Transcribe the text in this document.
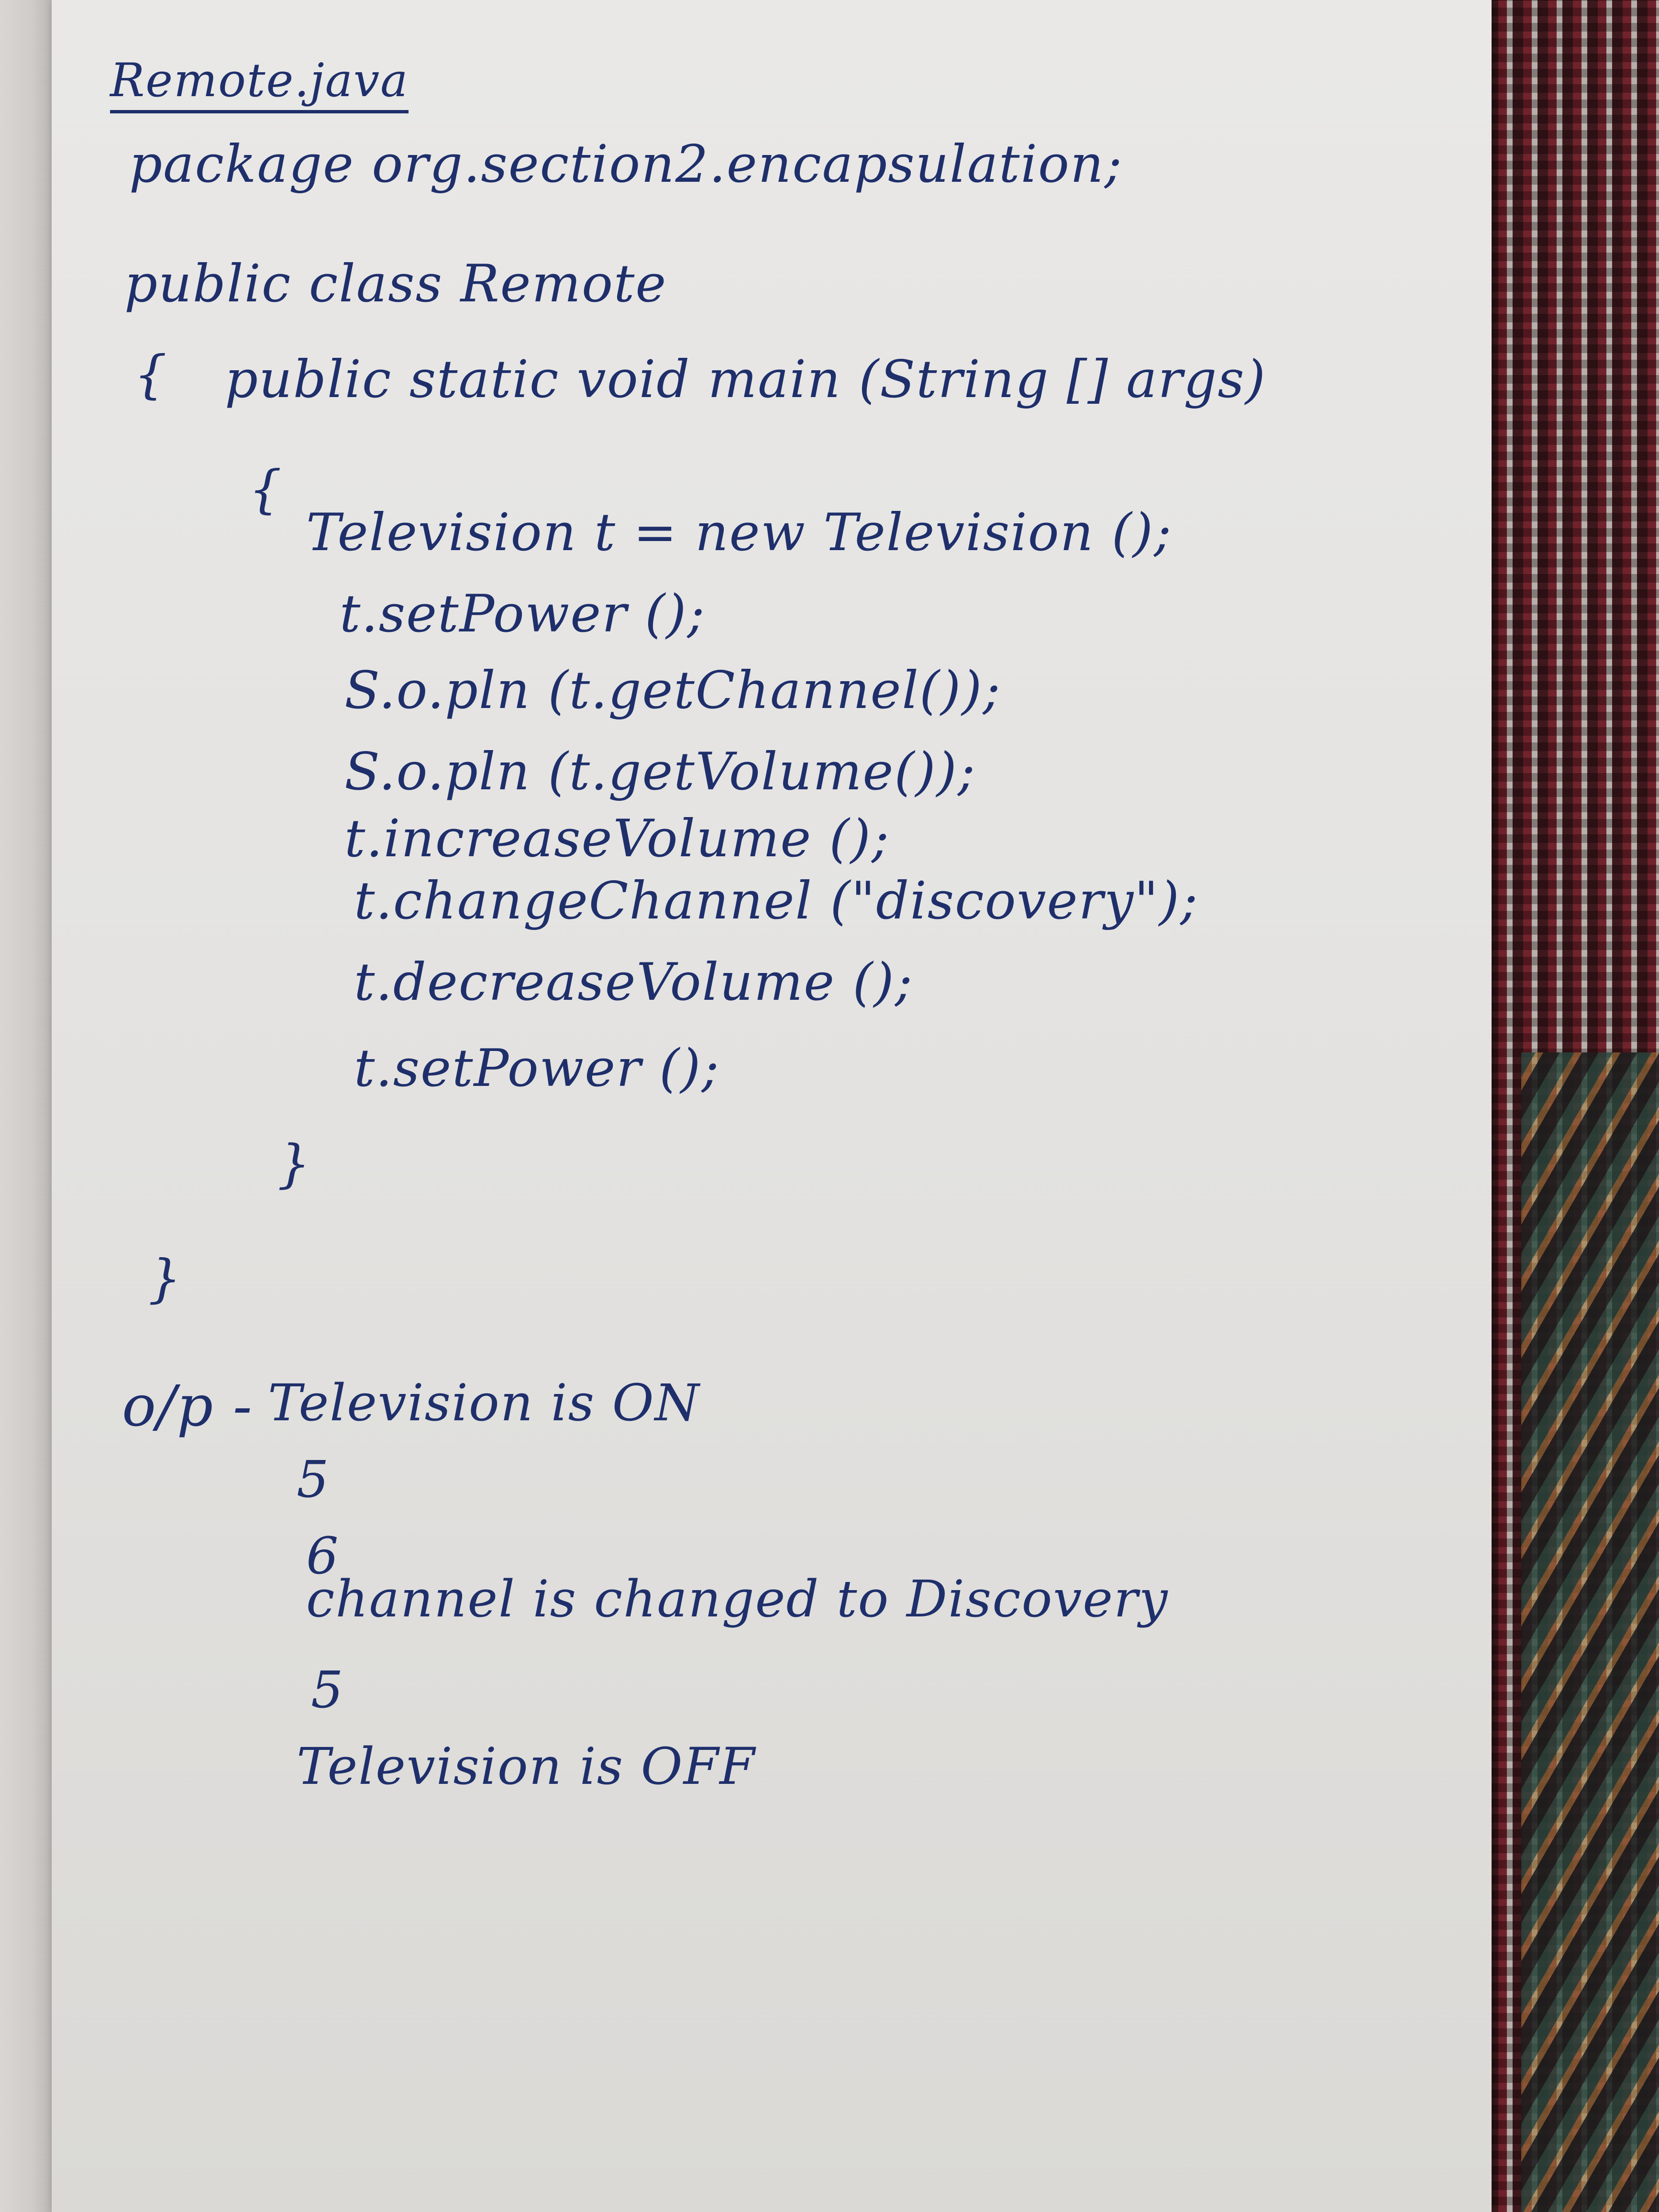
Remote.java
package org.section2.encapsulation;
public class Remote
{ public static void main (String [] args)
{
Television t = new Television ();
t.setPower ();
S.o.pln (t.getChannel());
S.o.pln (t.getVolume());
t.increaseVolume ();
t.changeChannel ("discovery");
t.decreaseVolume ();
t.setPower ();
}
}
o/p - Television is ON
5
6
channel is changed to Discovery
5
Television is OFF
